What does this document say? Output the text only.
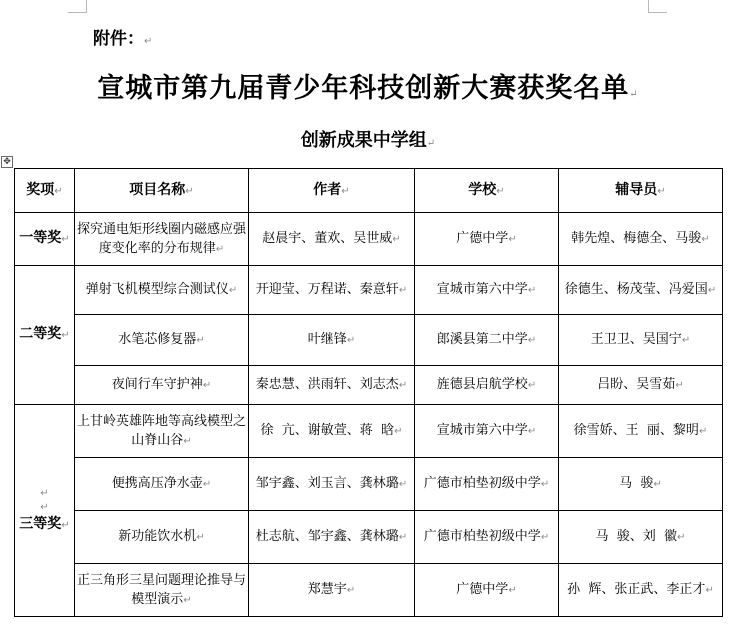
附件：↵
宣城市第九届青少年科技创新大赛获奖名单↵
创新成果中学组↵
✥
奖项↵	项目名称↵	作者↵	学校↵	辅导员↵
一等奖↵	探究通电矩形线圈内磁感应强度变化率的分布规律↵	赵晨宇、董欢、吴世威↵	广德中学↵	韩先煌、梅德全、马骏↵
二等奖↵	弹射飞机模型综合测试仪↵	开迎莹、万程诺、秦意轩↵	宣城市第六中学↵	徐德生、杨茂莹、冯爱国↵
	水笔芯修复器↵	叶继锋↵	郎溪县第二中学↵	王卫卫、吴国宁↵
	夜间行车守护神↵	秦忠慧、洪雨轩、刘志杰↵	旌德县启航学校↵	吕盼、吴雪茹↵

↵
↵
三等奖↵	上甘岭英雄阵地等高线模型之山脊山谷↵	徐  亢、谢敏萱、蒋  晗↵	宣城市第六中学↵	徐雪娇、王  丽、黎明↵
	便携高压净水壶↵	邹宇鑫、刘玉言、龚林璐↵	广德市柏垫初级中学↵	马  骏↵
	新功能饮水机↵	杜志航、邹宇鑫、龚林璐↵	广德市柏垫初级中学↵	马  骏、刘  徽↵
	正三角形三星问题理论推导与模型演示↵	郑慧宇↵	广德中学↵	孙  辉、张正武、李正才↵
